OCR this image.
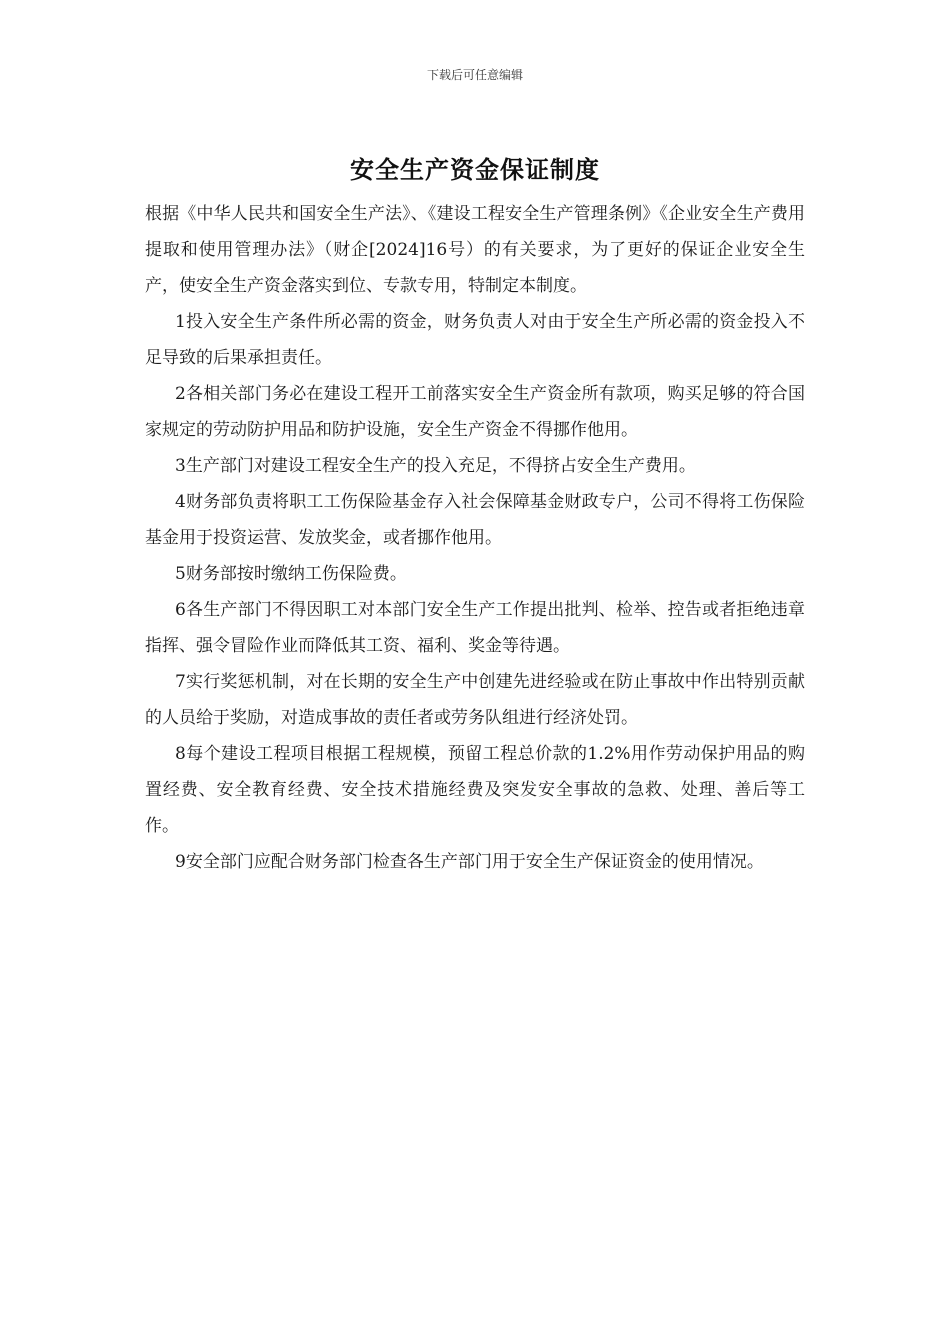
下载后可任意编辑
安全生产资金保证制度

根据《中华人民共和国安全生产法》、《建设工程安全生产管理条例》《企业安全生产费用提取和使用管理办法》（财企[2024]16号）的有关要求，为了更好的保证企业安全生产，使安全生产资金落实到位、专款专用，特制定本制度。

1投入安全生产条件所必需的资金，财务负责人对由于安全生产所必需的资金投入不足导致的后果承担责任。

2各相关部门务必在建设工程开工前落实安全生产资金所有款项，购买足够的符合国家规定的劳动防护用品和防护设施，安全生产资金不得挪作他用。

3生产部门对建设工程安全生产的投入充足，不得挤占安全生产费用。

4财务部负责将职工工伤保险基金存入社会保障基金财政专户，公司不得将工伤保险基金用于投资运营、发放奖金，或者挪作他用。

5财务部按时缴纳工伤保险费。

6各生产部门不得因职工对本部门安全生产工作提出批判、检举、控告或者拒绝违章指挥、强令冒险作业而降低其工资、福利、奖金等待遇。

7实行奖惩机制，对在长期的安全生产中创建先进经验或在防止事故中作出特别贡献的人员给于奖励，对造成事故的责任者或劳务队组进行经济处罚。

8每个建设工程项目根据工程规模，预留工程总价款的1.2%用作劳动保护用品的购置经费、安全教育经费、安全技术措施经费及突发安全事故的急救、处理、善后等工作。

9安全部门应配合财务部门检查各生产部门用于安全生产保证资金的使用情况。
